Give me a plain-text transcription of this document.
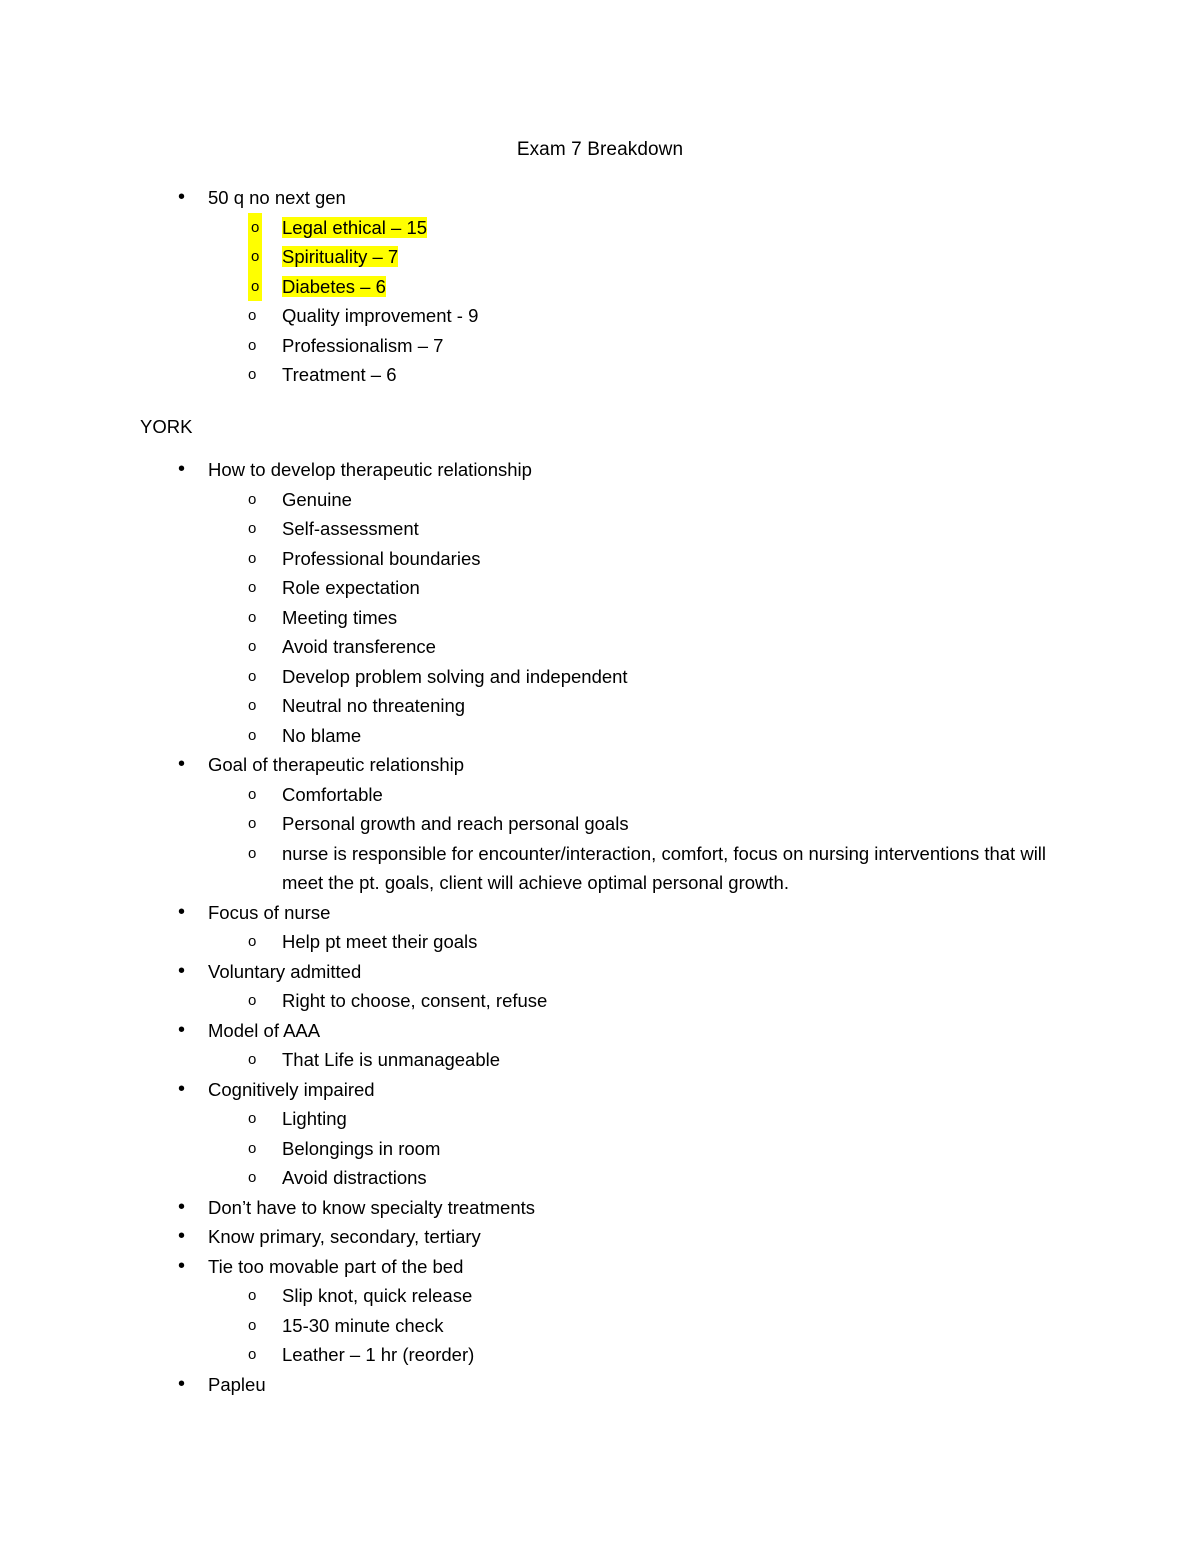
Exam 7 Breakdown
• 50 q no next gen
o Legal ethical – 15
o Spirituality – 7
o Diabetes – 6
o Quality improvement - 9
o Professionalism – 7
o Treatment – 6
YORK
• How to develop therapeutic relationship
o Genuine
o Self-assessment
o Professional boundaries
o Role expectation
o Meeting times
o Avoid transference
o Develop problem solving and independent
o Neutral no threatening
o No blame
• Goal of therapeutic relationship
o Comfortable
o Personal growth and reach personal goals
o nurse is responsible for encounter/interaction, comfort, focus on nursing interventions that will meet the pt. goals, client will achieve optimal personal growth.
• Focus of nurse
o Help pt meet their goals
• Voluntary admitted
o Right to choose, consent, refuse
• Model of AAA
o That Life is unmanageable
• Cognitively impaired
o Lighting
o Belongings in room
o Avoid distractions
• Don’t have to know specialty treatments
• Know primary, secondary, tertiary
• Tie too movable part of the bed
o Slip knot, quick release
o 15-30 minute check
o Leather – 1 hr (reorder)
• Papleu
